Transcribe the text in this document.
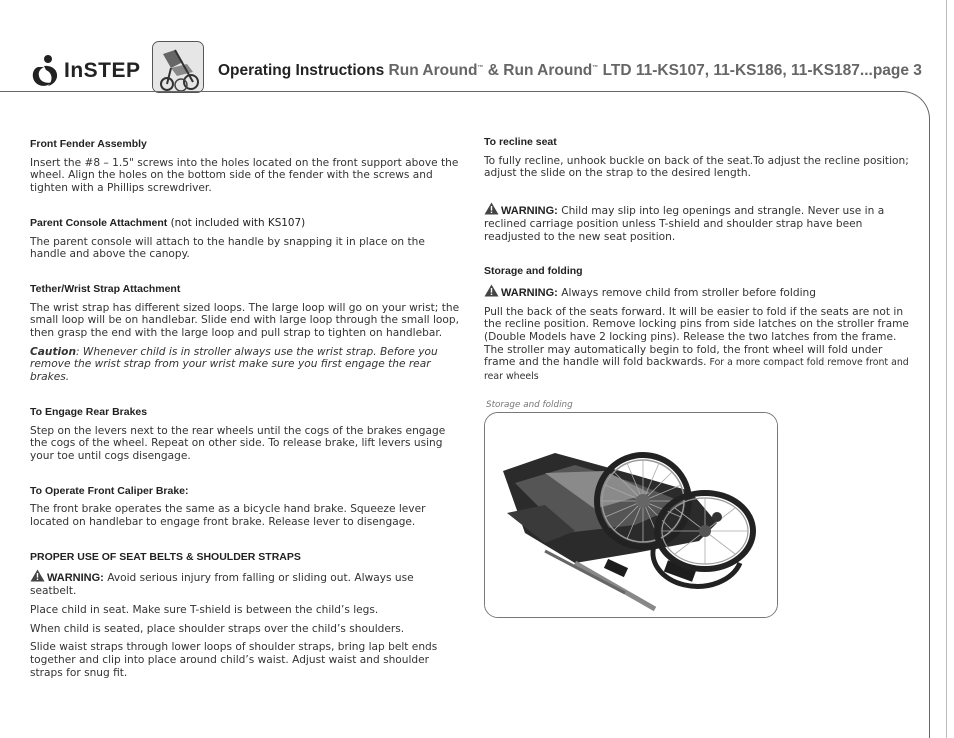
InSTEP	Operating Instructions Run Around™ & Run Around™ LTD 11-KS107, 11-KS186, 11-KS187...page 3
Front Fender Assembly

Insert the #8 – 1.5" screws into the holes located on the front support above the wheel. Align the holes on the bottom side of the fender with the screws and tighten with a Phillips screwdriver.

Parent Console Attachment (not included with KS107)

The parent console will attach to the handle by snapping it in place on the handle and above the canopy.

Tether/Wrist Strap Attachment

The wrist strap has different sized loops. The large loop will go on your wrist; the small loop will be on handlebar. Slide end with large loop through the small loop, then grasp the end with the large loop and pull strap to tighten on handlebar.

Caution: Whenever child is in stroller always use the wrist strap. Before you remove the wrist strap from your wrist make sure you first engage the rear brakes.

To Engage Rear Brakes

Step on the levers next to the rear wheels until the cogs of the brakes engage the cogs of the wheel. Repeat on other side. To release brake, lift levers using your toe until cogs disengage.

To Operate Front Caliper Brake:

The front brake operates the same as a bicycle hand brake. Squeeze lever located on handlebar to engage front brake. Release lever to disengage.

PROPER USE OF SEAT BELTS & SHOULDER STRAPS

WARNING: Avoid serious injury from falling or sliding out. Always use seatbelt.

Place child in seat. Make sure T-shield is between the child’s legs.

When child is seated, place shoulder straps over the child’s shoulders.

Slide waist straps through lower loops of shoulder straps, bring lap belt ends together and clip into place around child’s waist. Adjust waist and shoulder straps for snug fit.

To recline seat

To fully recline, unhook buckle on back of the seat.To adjust the recline position; adjust the slide on the strap to the desired length.

WARNING: Child may slip into leg openings and strangle. Never use in a reclined carriage position unless T-shield and shoulder strap have been readjusted to the new seat position.

Storage and folding

WARNING: Always remove child from stroller before folding

Pull the back of the seats forward. It will be easier to fold if the seats are not in the recline position. Remove locking pins from side latches on the stroller frame (Double Models have 2 locking pins). Release the two latches from the frame. The stroller may automatically begin to fold, the front wheel will fold under frame and the handle will fold backwards. For a more compact fold remove front and rear wheels

Storage and folding
